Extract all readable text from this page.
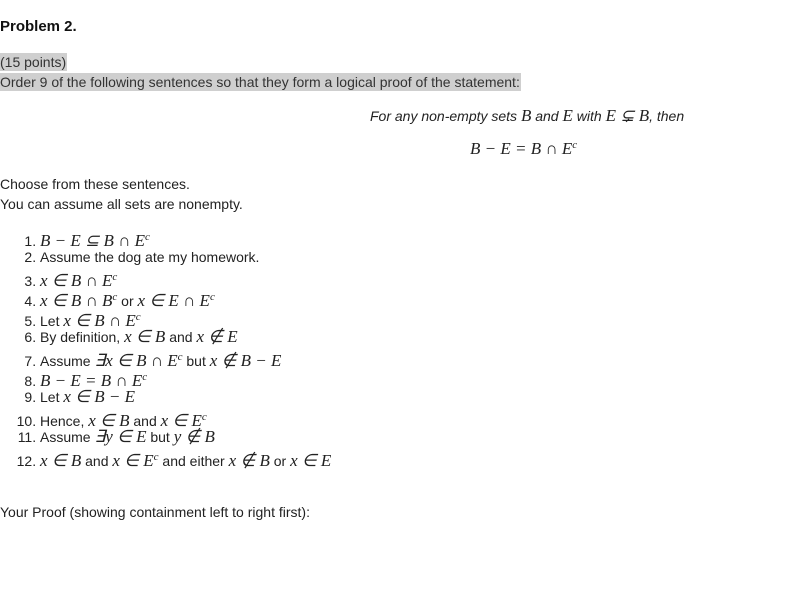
Problem 2.
(15 points)
Order 9 of the following sentences so that they form a logical proof of the statement:
For any non-empty sets B and E with E ⊊ B, then
B − E = B ∩ $E^c$
Choose from these sentences.
You can assume all sets are nonempty.
1. B − E ⊆ B ∩ $E^c$
2. Assume the dog ate my homework.
3. x ∈ B ∩ $E^c$
4. x ∈ B ∩ $B^c$ or x ∈ E ∩ $E^c$
5. Let x ∈ B ∩ $E^c$
6. By definition, x ∈ B and x ∉ E
7. Assume ∃x ∈ B ∩ $E^c$ but x ∉ B − E
8. B − E = B ∩ $E^c$
9. Let x ∈ B − E
10. Hence, x ∈ B and x ∈ $E^c$
11. Assume ∃y ∈ E but y ∉ B
12. x ∈ B and x ∈ $E^c$ and either x ∉ B or x ∈ E
Your Proof (showing containment left to right first):
